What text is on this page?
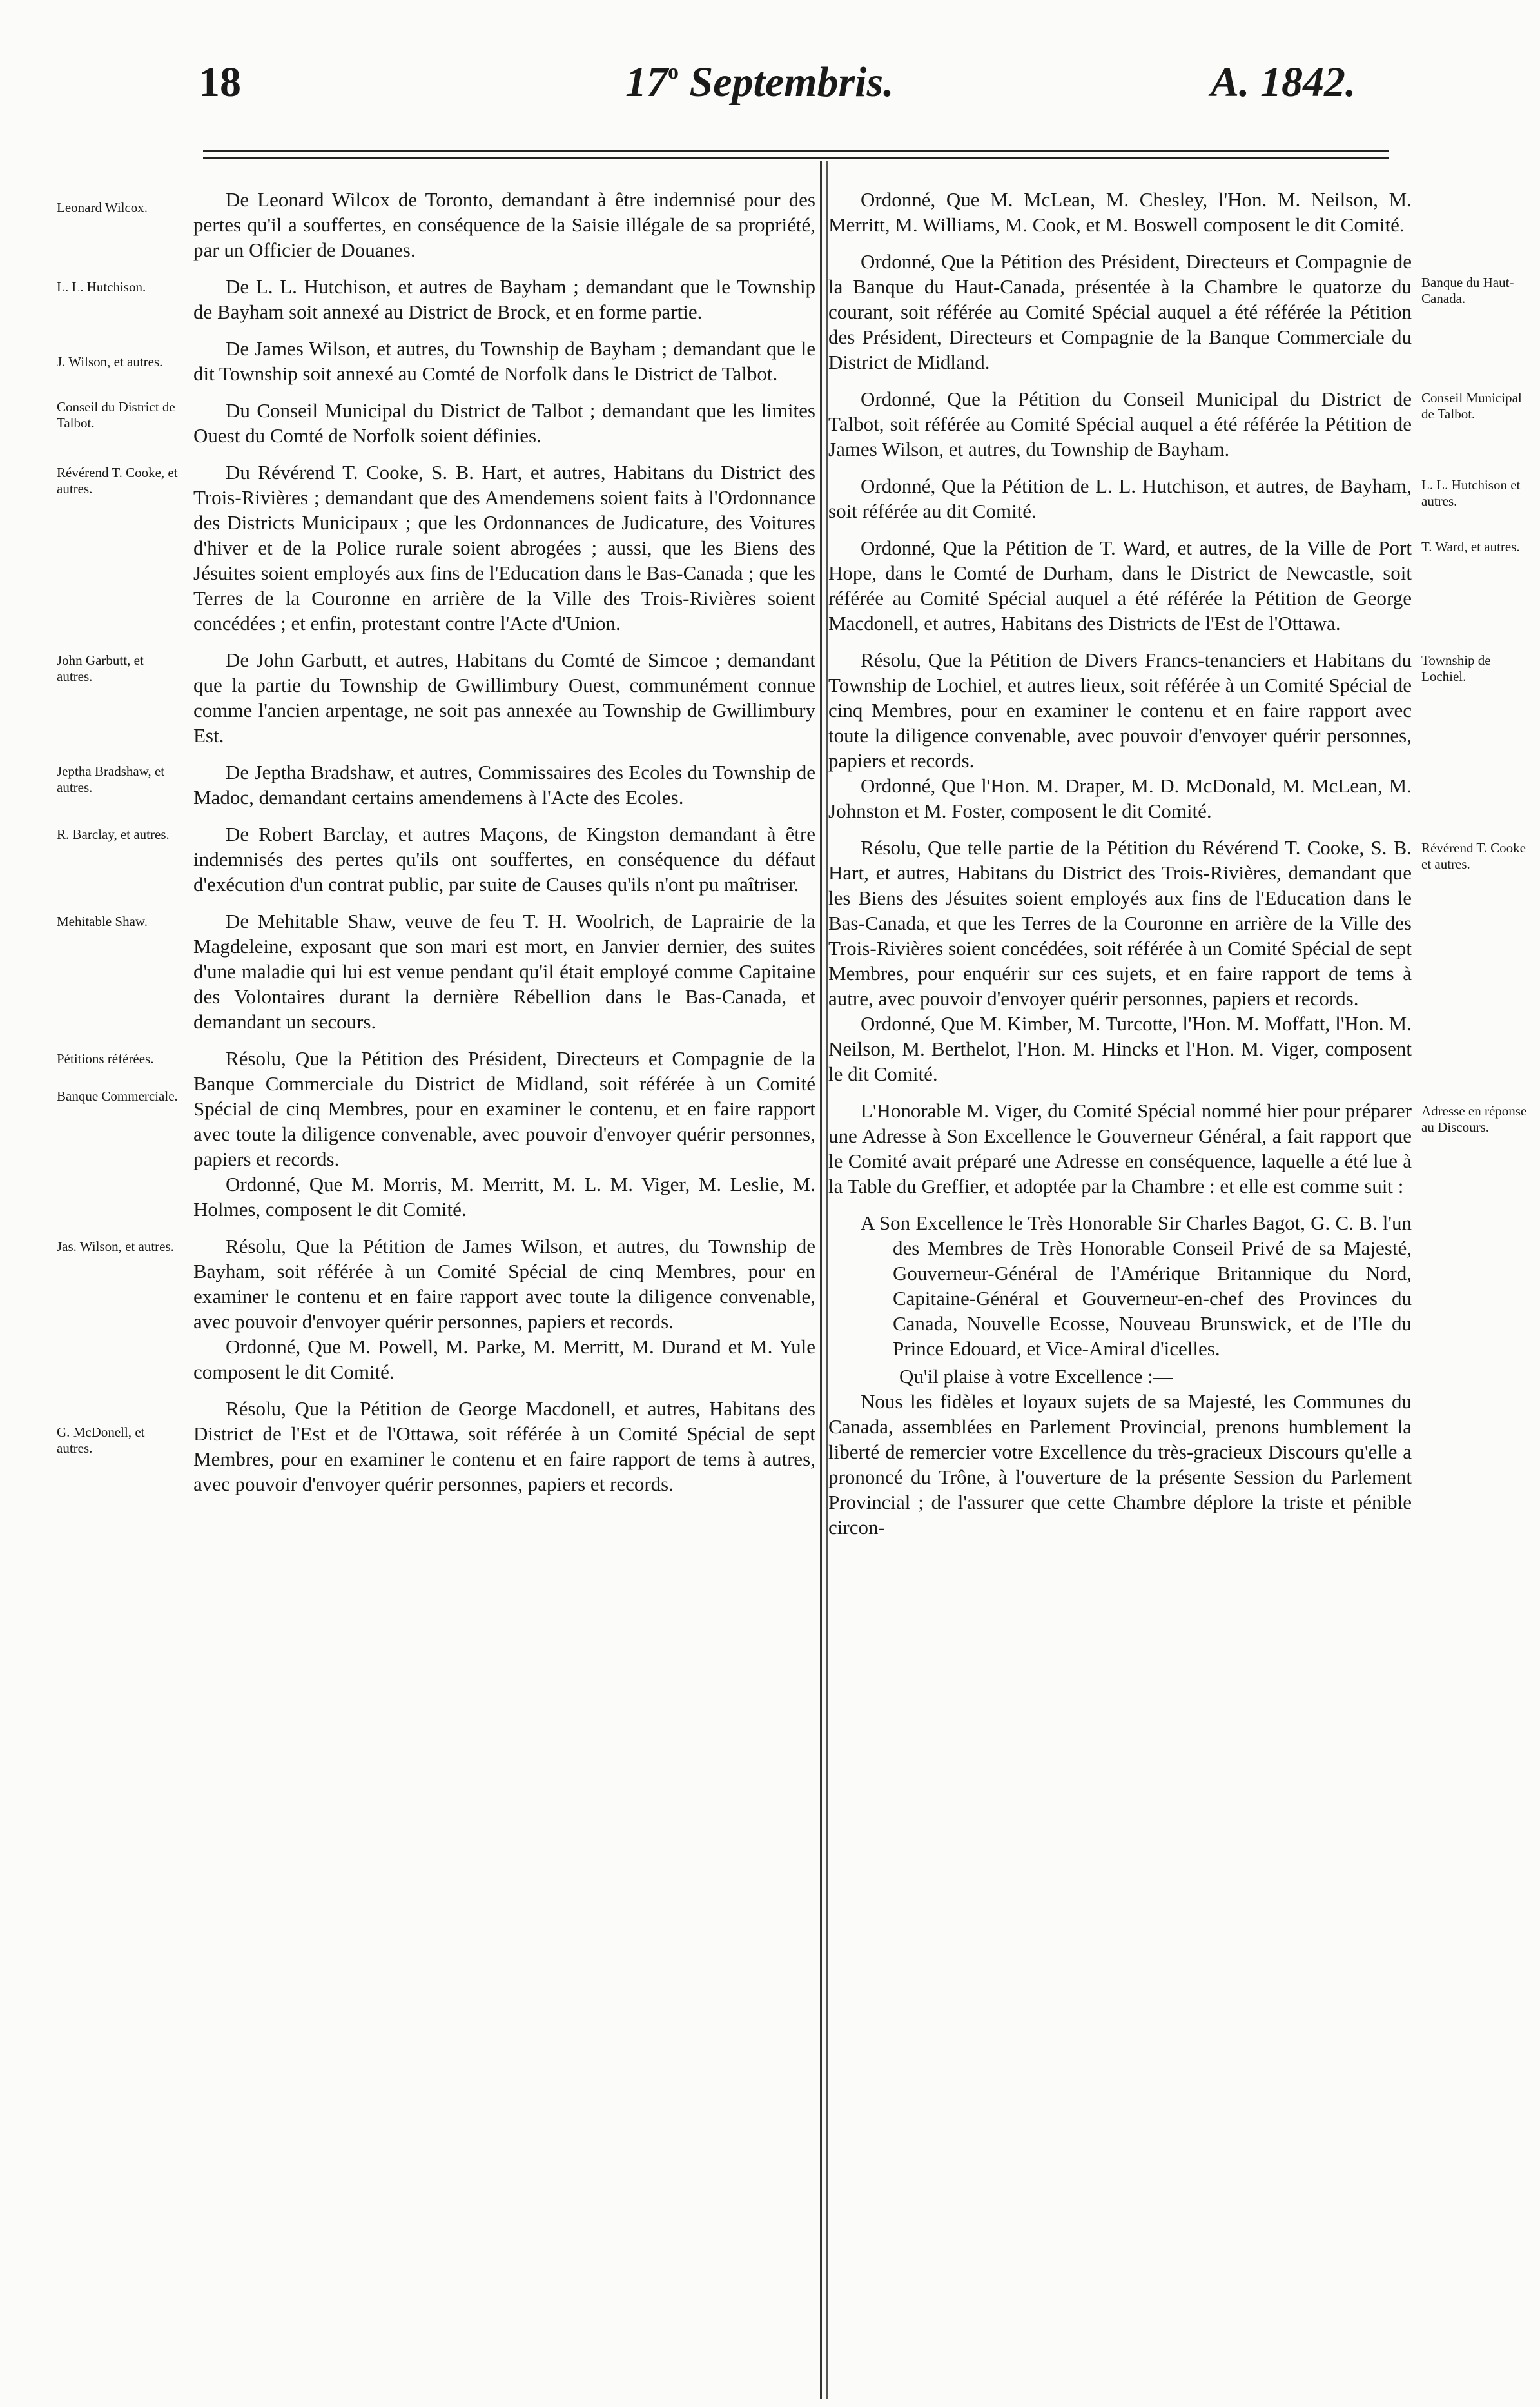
18	17$^o$ Septembris.	A. 1842.
Leonard Wilcox.	De Leonard Wilcox de Toronto, demandant à être indemnisé pour des pertes qu'il a souffertes, en conséquence de la Saisie illégale de sa propriété, par un Officier de Douanes.

L. L. Hutchison.	De L. L. Hutchison, et autres de Bayham ; demandant que le Township de Bayham soit annexé au District de Brock, et en forme partie.

J. Wilson, et autres.

De James Wilson, et autres, du Township de Bayham ; demandant que le dit Township soit annexé au Comté de Norfolk dans le District de Talbot.

Conseil du District de Talbot.

Du Conseil Municipal du District de Talbot ; demandant que les limites Ouest du Comté de Norfolk soient définies.

Révérend T. Cooke, et autres.

Du Révérend T. Cooke, S. B. Hart, et autres, Habitans du District des Trois-Rivières ; demandant que des Amendemens soient faits à l'Ordonnance des Districts Municipaux ; que les Ordonnances de Judicature, des Voitures d'hiver et de la Police rurale soient abrogées ; aussi, que les Biens des Jésuites soient employés aux fins de l'Education dans le Bas-Canada ; que les Terres de la Couronne en arrière de la Ville des Trois-Rivières soient concédées ; et enfin, protestant contre l'Acte d'Union.

John Garbutt, et autres.

De John Garbutt, et autres, Habitans du Comté de Simcoe ; demandant que la partie du Township de Gwillimbury Ouest, communément connue comme l'ancien arpentage, ne soit pas annexée au Township de Gwillimbury Est.

Jeptha Bradshaw, et autres.

De Jeptha Bradshaw, et autres, Commissaires des Ecoles du Township de Madoc, demandant certains amendemens à l'Acte des Ecoles.

R. Barclay, et autres.	De Robert Barclay, et autres Maçons, de Kingston demandant à être indemnisés des pertes qu'ils ont souffertes, en conséquence du défaut d'exécution d'un contrat public, par suite de Causes qu'ils n'ont pu maîtriser.

Mehitable Shaw.	De Mehitable Shaw, veuve de feu T. H. Woolrich, de Laprairie de la Magdeleine, exposant que son mari est mort, en Janvier dernier, des suites d'une maladie qui lui est venue pendant qu'il était employé comme Capitaine des Volontaires durant la dernière Rébellion dans le Bas-Canada, et demandant un secours.

Pétitions référées.
Banque Commerciale.

Résolu, Que la Pétition des Président, Directeurs et Compagnie de la Banque Commerciale du District de Midland, soit référée à un Comité Spécial de cinq Membres, pour en examiner le contenu, et en faire rapport avec toute la diligence convenable, avec pouvoir d'envoyer quérir personnes, papiers et records.

Ordonné, Que M. Morris, M. Merritt, M. L. M. Viger, M. Leslie, M. Holmes, composent le dit Comité.

Jas. Wilson, et autres.	Résolu, Que la Pétition de James Wilson, et autres, du Township de Bayham, soit référée à un Comité Spécial de cinq Membres, pour en examiner le contenu et en faire rapport avec toute la diligence convenable, avec pouvoir d'envoyer quérir personnes, papiers et records.

Ordonné, Que M. Powell, M. Parke, M. Merritt, M. Durand et M. Yule composent le dit Comité.

G. McDonell, et autres.

Résolu, Que la Pétition de George Macdonell, et autres, Habitans des District de l'Est et de l'Ottawa, soit référée à un Comité Spécial de sept Membres, pour en examiner le contenu et en faire rapport de tems à autres, avec pouvoir d'envoyer quérir personnes, papiers et records.

Ordonné, Que M. McLean, M. Chesley, l'Hon. M. Neilson, M. Merritt, M. Williams, M. Cook, et M. Boswell composent le dit Comité.

Banque du Haut-Canada.

Ordonné, Que la Pétition des Président, Directeurs et Compagnie de la Banque du Haut-Canada, présentée à la Chambre le quatorze du courant, soit référée au Comité Spécial auquel a été référée la Pétition des Président, Directeurs et Compagnie de la Banque Commerciale du District de Midland.

Conseil Municipal de Talbot.

Ordonné, Que la Pétition du Conseil Municipal du District de Talbot, soit référée au Comité Spécial auquel a été référée la Pétition de James Wilson, et autres, du Township de Bayham.

L. L. Hutchison et autres.

Ordonné, Que la Pétition de L. L. Hutchison, et autres, de Bayham, soit référée au dit Comité.

T. Ward, et autres.

Ordonné, Que la Pétition de T. Ward, et autres, de la Ville de Port Hope, dans le Comté de Durham, dans le District de Newcastle, soit référée au Comité Spécial auquel a été référée la Pétition de George Macdonell, et autres, Habitans des Districts de l'Est de l'Ottawa.

Township de Lochiel.

Résolu, Que la Pétition de Divers Francs-tenanciers et Habitans du Township de Lochiel, et autres lieux, soit référée à un Comité Spécial de cinq Membres, pour en examiner le contenu et en faire rapport avec toute la diligence convenable, avec pouvoir d'envoyer quérir personnes, papiers et records.

Ordonné, Que l'Hon. M. Draper, M. D. McDonald, M. McLean, M. Johnston et M. Foster, composent le dit Comité.

Révérend T. Cooke et autres.

Résolu, Que telle partie de la Pétition du Révérend T. Cooke, S. B. Hart, et autres, Habitans du District des Trois-Rivières, demandant que les Biens des Jésuites soient employés aux fins de l'Education dans le Bas-Canada, et que les Terres de la Couronne en arrière de la Ville des Trois-Rivières soient concédées, soit référée à un Comité Spécial de sept Membres, pour enquérir sur ces sujets, et en faire rapport de tems à autre, avec pouvoir d'envoyer quérir personnes, papiers et records.

Ordonné, Que M. Kimber, M. Turcotte, l'Hon. M. Moffatt, l'Hon. M. Neilson, M. Berthelot, l'Hon. M. Hincks et l'Hon. M. Viger, composent le dit Comité.

Adresse en réponse au Discours.

L'Honorable M. Viger, du Comité Spécial nommé hier pour préparer une Adresse à Son Excellence le Gouverneur Général, a fait rapport que le Comité avait préparé une Adresse en conséquence, laquelle a été lue à la Table du Greffier, et adoptée par la Chambre : et elle est comme suit :

A Son Excellence le Très Honorable Sir Charles Bagot, G. C. B. l'un des Membres de Très Honorable Conseil Privé de sa Majesté, Gouverneur-Général de l'Amérique Britannique du Nord, Capitaine-Général et Gouverneur-en-chef des Provinces du Canada, Nouvelle Ecosse, Nouveau Brunswick, et de l'Ile du Prince Edouard, et Vice-Amiral d'icelles.

Qu'il plaise à votre Excellence :—

Nous les fidèles et loyaux sujets de sa Majesté, les Communes du Canada, assemblées en Parlement Provincial, prenons humblement la liberté de remercier votre Excellence du très-gracieux Discours qu'elle a prononcé du Trône, à l'ouverture de la présente Session du Parlement Provincial ; de l'assurer que cette Chambre déplore la triste et pénible circon-
